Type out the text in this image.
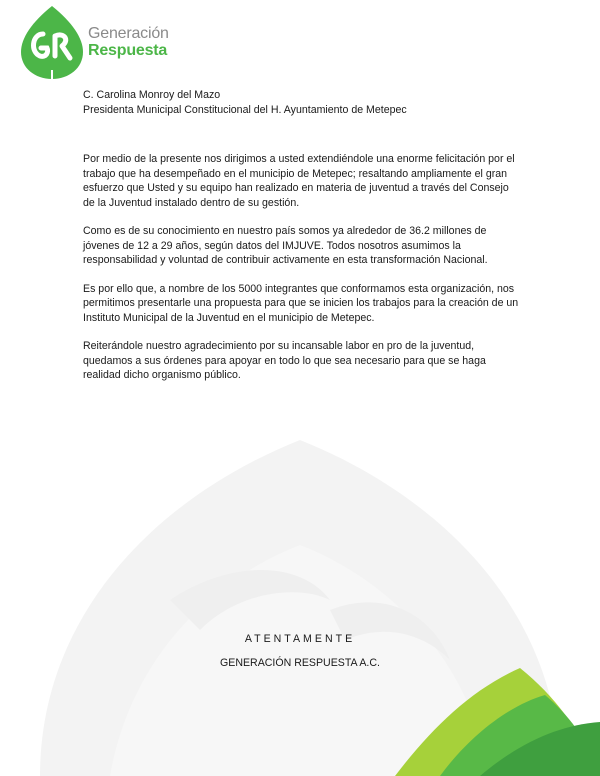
Generación
Respuesta
C. Carolina Monroy del Mazo
Presidenta Municipal Constitucional del H. Ayuntamiento de Metepec

Por medio de la presente nos dirigimos a usted extendiéndole una enorme felicitación por el trabajo que ha desempeñado en el municipio de Metepec; resaltando ampliamente el gran esfuerzo que Usted y su equipo han realizado en materia de juventud a través del Consejo de la Juventud instalado dentro de su gestión.

Como es de su conocimiento en nuestro país somos ya alrededor de 36.2 millones de jóvenes de 12 a 29 años, según datos del IMJUVE. Todos nosotros asumimos la responsabilidad y voluntad de contribuir activamente en esta transformación Nacional.

Es por ello que, a nombre de los 5000 integrantes que conformamos esta organización, nos permitimos presentarle una propuesta para que se inicien los trabajos para la creación de un Instituto Municipal de la Juventud en el municipio de Metepec.

Reiterándole nuestro agradecimiento por su incansable labor en pro de la juventud, quedamos a sus órdenes para apoyar en todo lo que sea necesario para que se haga realidad dicho organismo público.

ATENTAMENTE
GENERACIÓN RESPUESTA A.C.
